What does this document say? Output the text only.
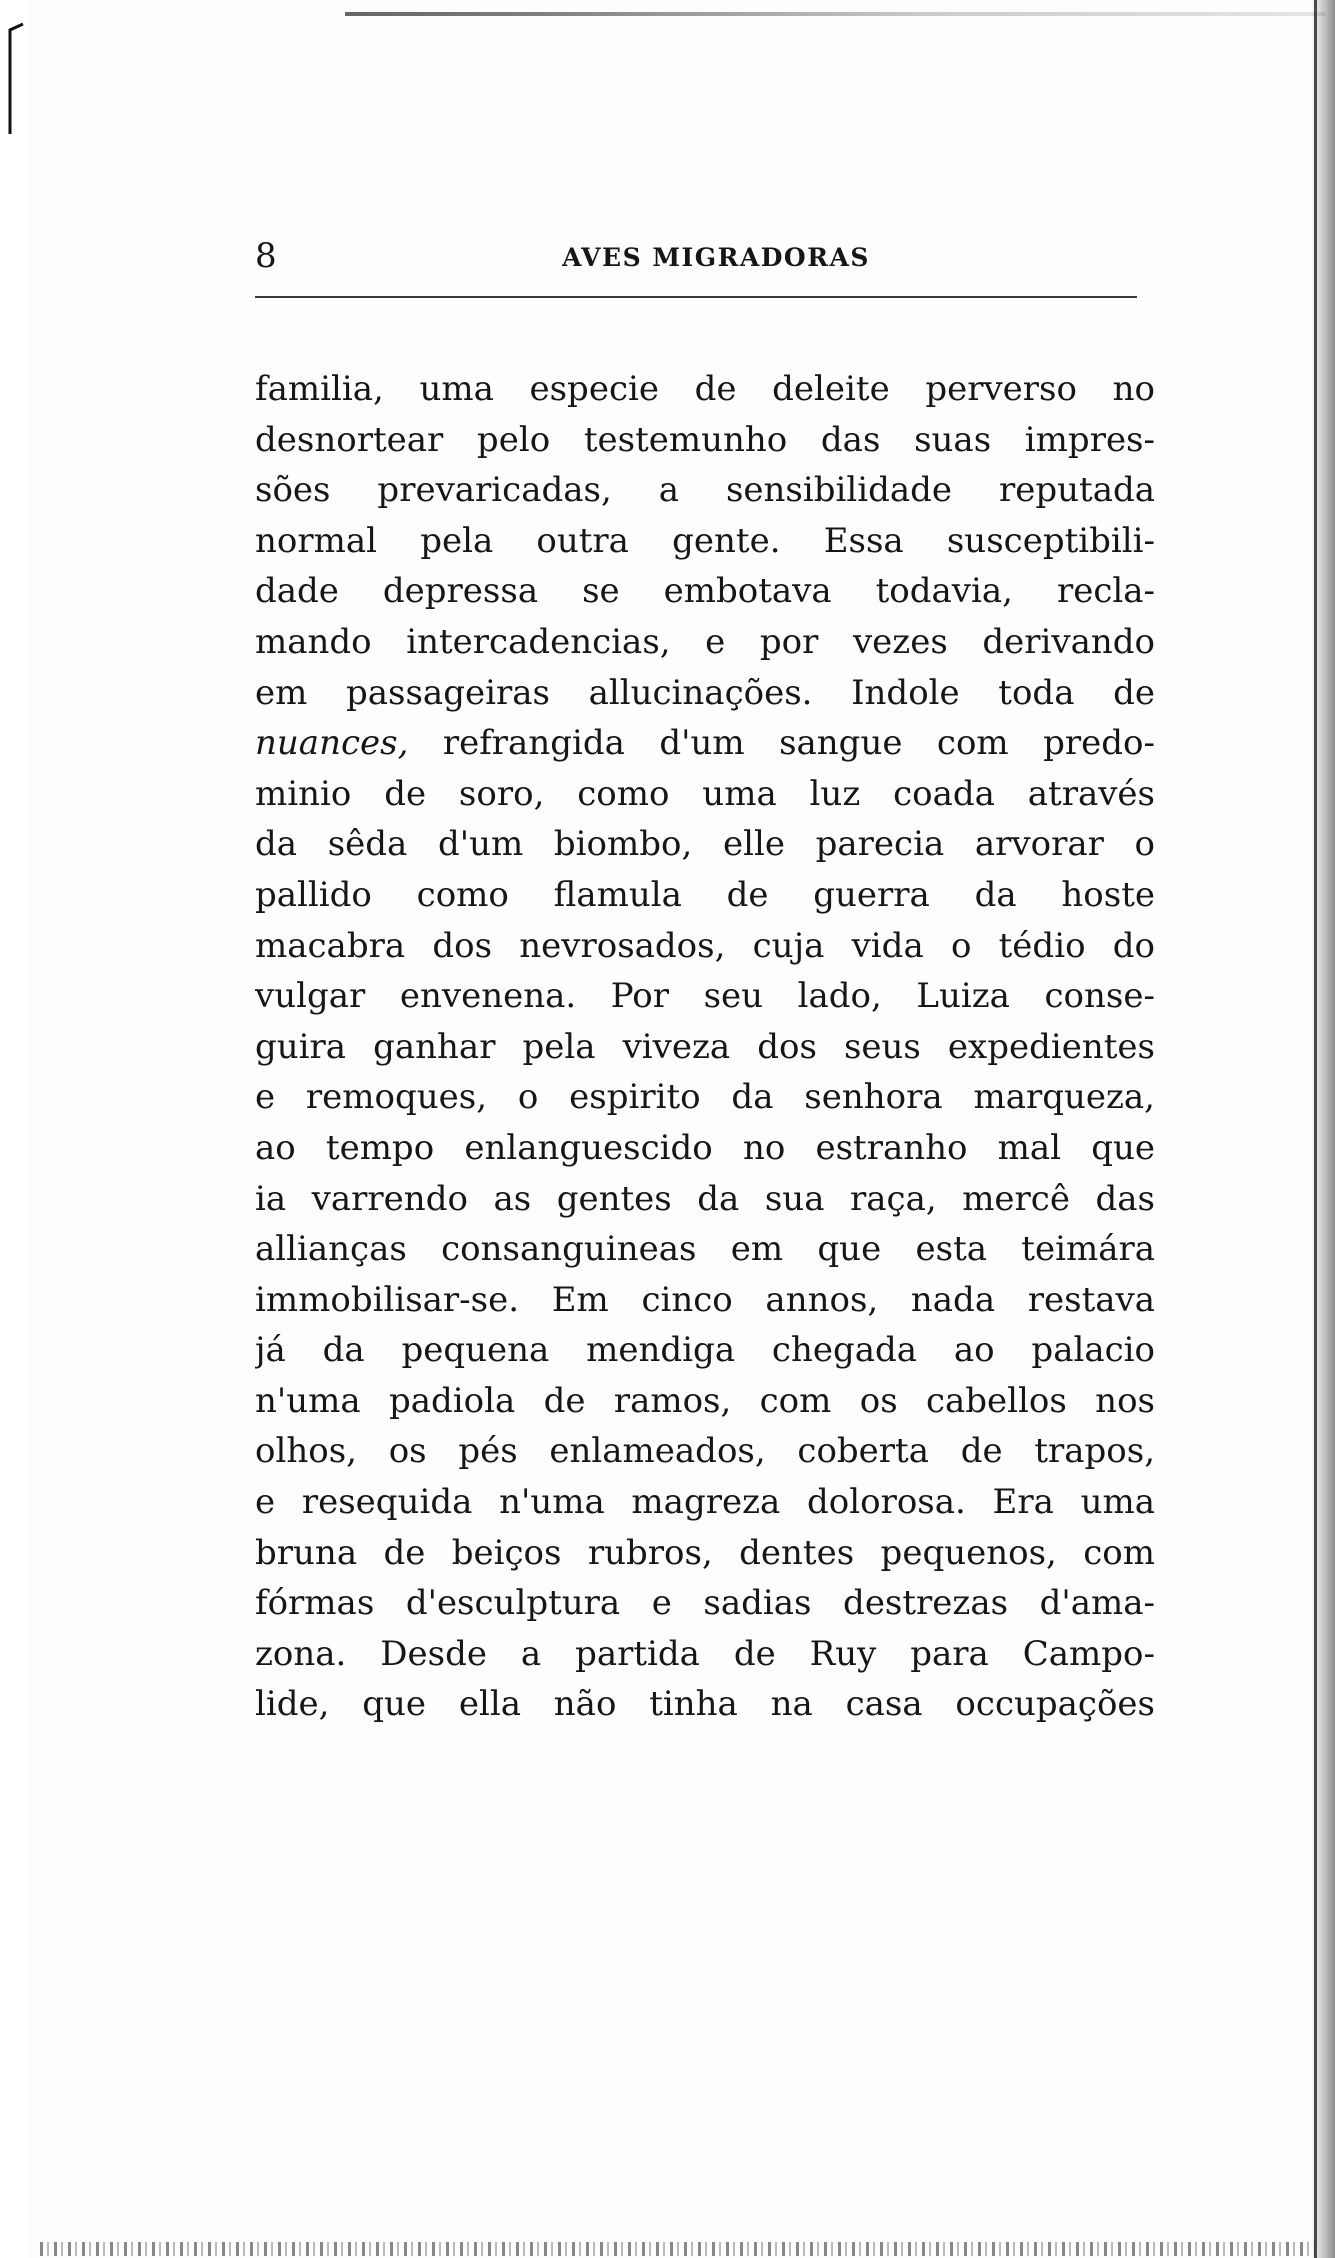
8	AVES MIGRADORAS
familia, uma especie de deleite perverso no
desnortear pelo testemunho das suas impres-
sões prevaricadas, a sensibilidade reputada
normal pela outra gente. Essa susceptibili-
dade depressa se embotava todavia, recla-
mando intercadencias, e por vezes derivando
em passageiras allucinações. Indole toda de
nuances, refrangida d'um sangue com predo-
minio de soro, como uma luz coada através
da sêda d'um biombo, elle parecia arvorar o
pallido como flamula de guerra da hoste
macabra dos nevrosados, cuja vida o tédio do
vulgar envenena. Por seu lado, Luiza conse-
guira ganhar pela viveza dos seus expedientes
e remoques, o espirito da senhora marqueza,
ao tempo enlanguescido no estranho mal que
ia varrendo as gentes da sua raça, mercê das
allianças consanguineas em que esta teimára
immobilisar-se. Em cinco annos, nada restava
já da pequena mendiga chegada ao palacio
n'uma padiola de ramos, com os cabellos nos
olhos, os pés enlameados, coberta de trapos,
e resequida n'uma magreza dolorosa. Era uma
bruna de beiços rubros, dentes pequenos, com
fórmas d'esculptura e sadias destrezas d'ama-
zona. Desde a partida de Ruy para Campo-
lide, que ella não tinha na casa occupações
